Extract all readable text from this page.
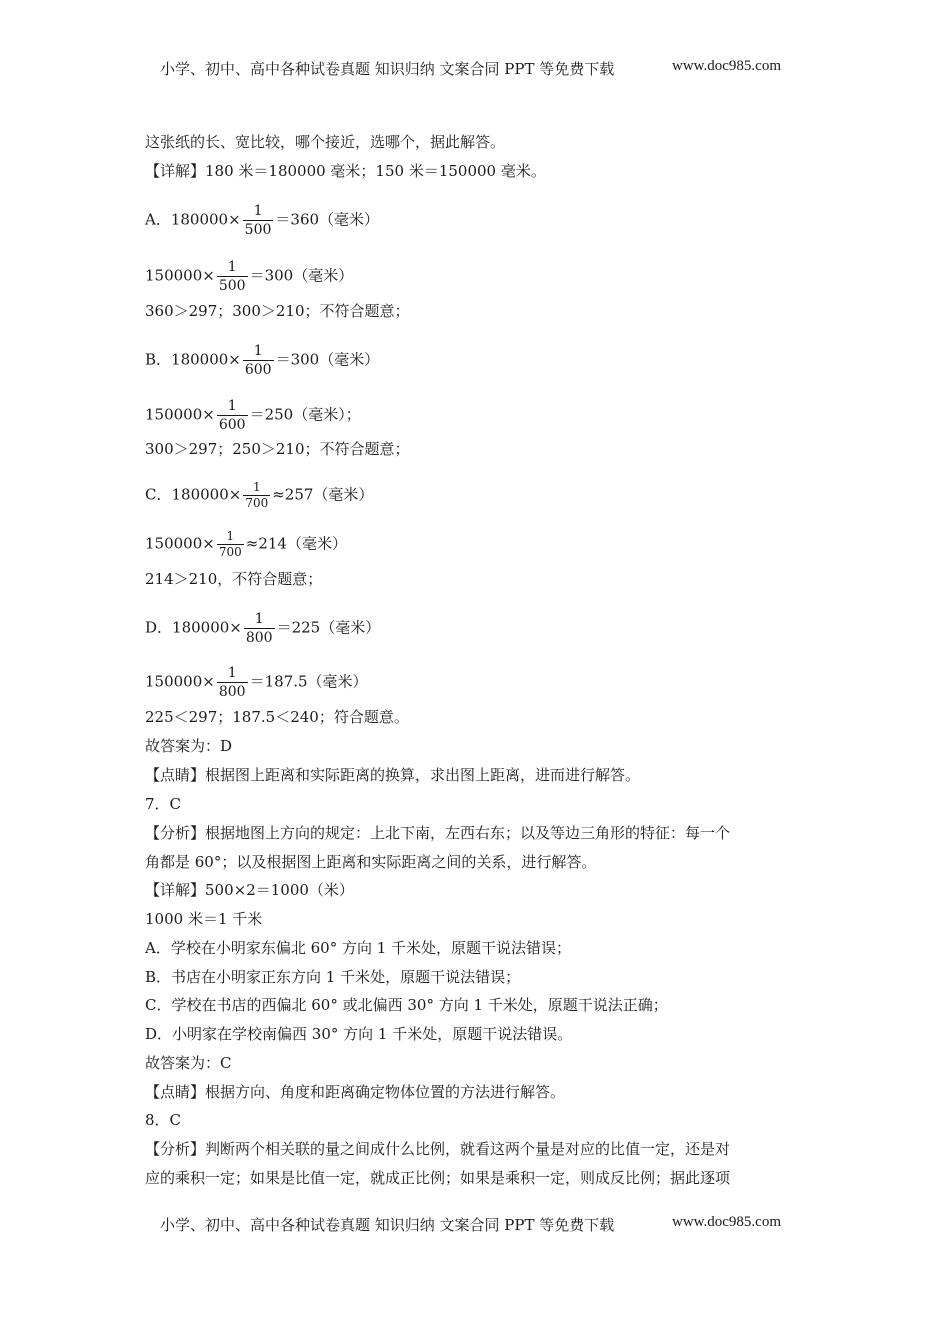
小学、初中、高中各种试卷真题 知识归纳 文案合同 PPT 等免费下载	www.doc985.com
这张纸的长、宽比较，哪个接近，选哪个，据此解答。
【详解】180 米＝180000 毫米；150 米＝150000 毫米。
A．$180000\times \frac{1}{500} =360$（毫米）
$150000\times \frac{1}{500} =300$（毫米）
360＞297；300＞210；不符合题意；
B．$180000\times \frac{1}{600} =300$（毫米）
$150000\times \frac{1}{600} =250$（毫米）；
300＞297；250＞210；不符合题意；
C．$180000\times \frac{1}{700} \approx 257$（毫米）
$150000\times \frac{1}{700} \approx 214$（毫米）
214＞210，不符合题意；
D．$180000\times \frac{1}{800} =225$（毫米）
$150000\times \frac{1}{800} =187.5$（毫米）
225＜297；187.5＜240；符合题意。
故答案为：D
【点睛】根据图上距离和实际距离的换算，求出图上距离，进而进行解答。
7．C
【分析】根据地图上方向的规定：上北下南，左西右东；以及等边三角形的特征：每一个
角都是 60°；以及根据图上距离和实际距离之间的关系，进行解答。
【详解】500×2＝1000（米）
1000 米＝1 千米
A．学校在小明家东偏北 60° 方向 1 千米处，原题干说法错误；
B．书店在小明家正东方向 1 千米处，原题干说法错误；
C．学校在书店的西偏北 60° 或北偏西 30° 方向 1 千米处，原题干说法正确；
D．小明家在学校南偏西 30° 方向 1 千米处，原题干说法错误。
故答案为：C
【点睛】根据方向、角度和距离确定物体位置的方法进行解答。
8．C
【分析】判断两个相关联的量之间成什么比例，就看这两个量是对应的比值一定，还是对
应的乘积一定；如果是比值一定，就成正比例；如果是乘积一定，则成反比例；据此逐项
小学、初中、高中各种试卷真题 知识归纳 文案合同 PPT 等免费下载	www.doc985.com
